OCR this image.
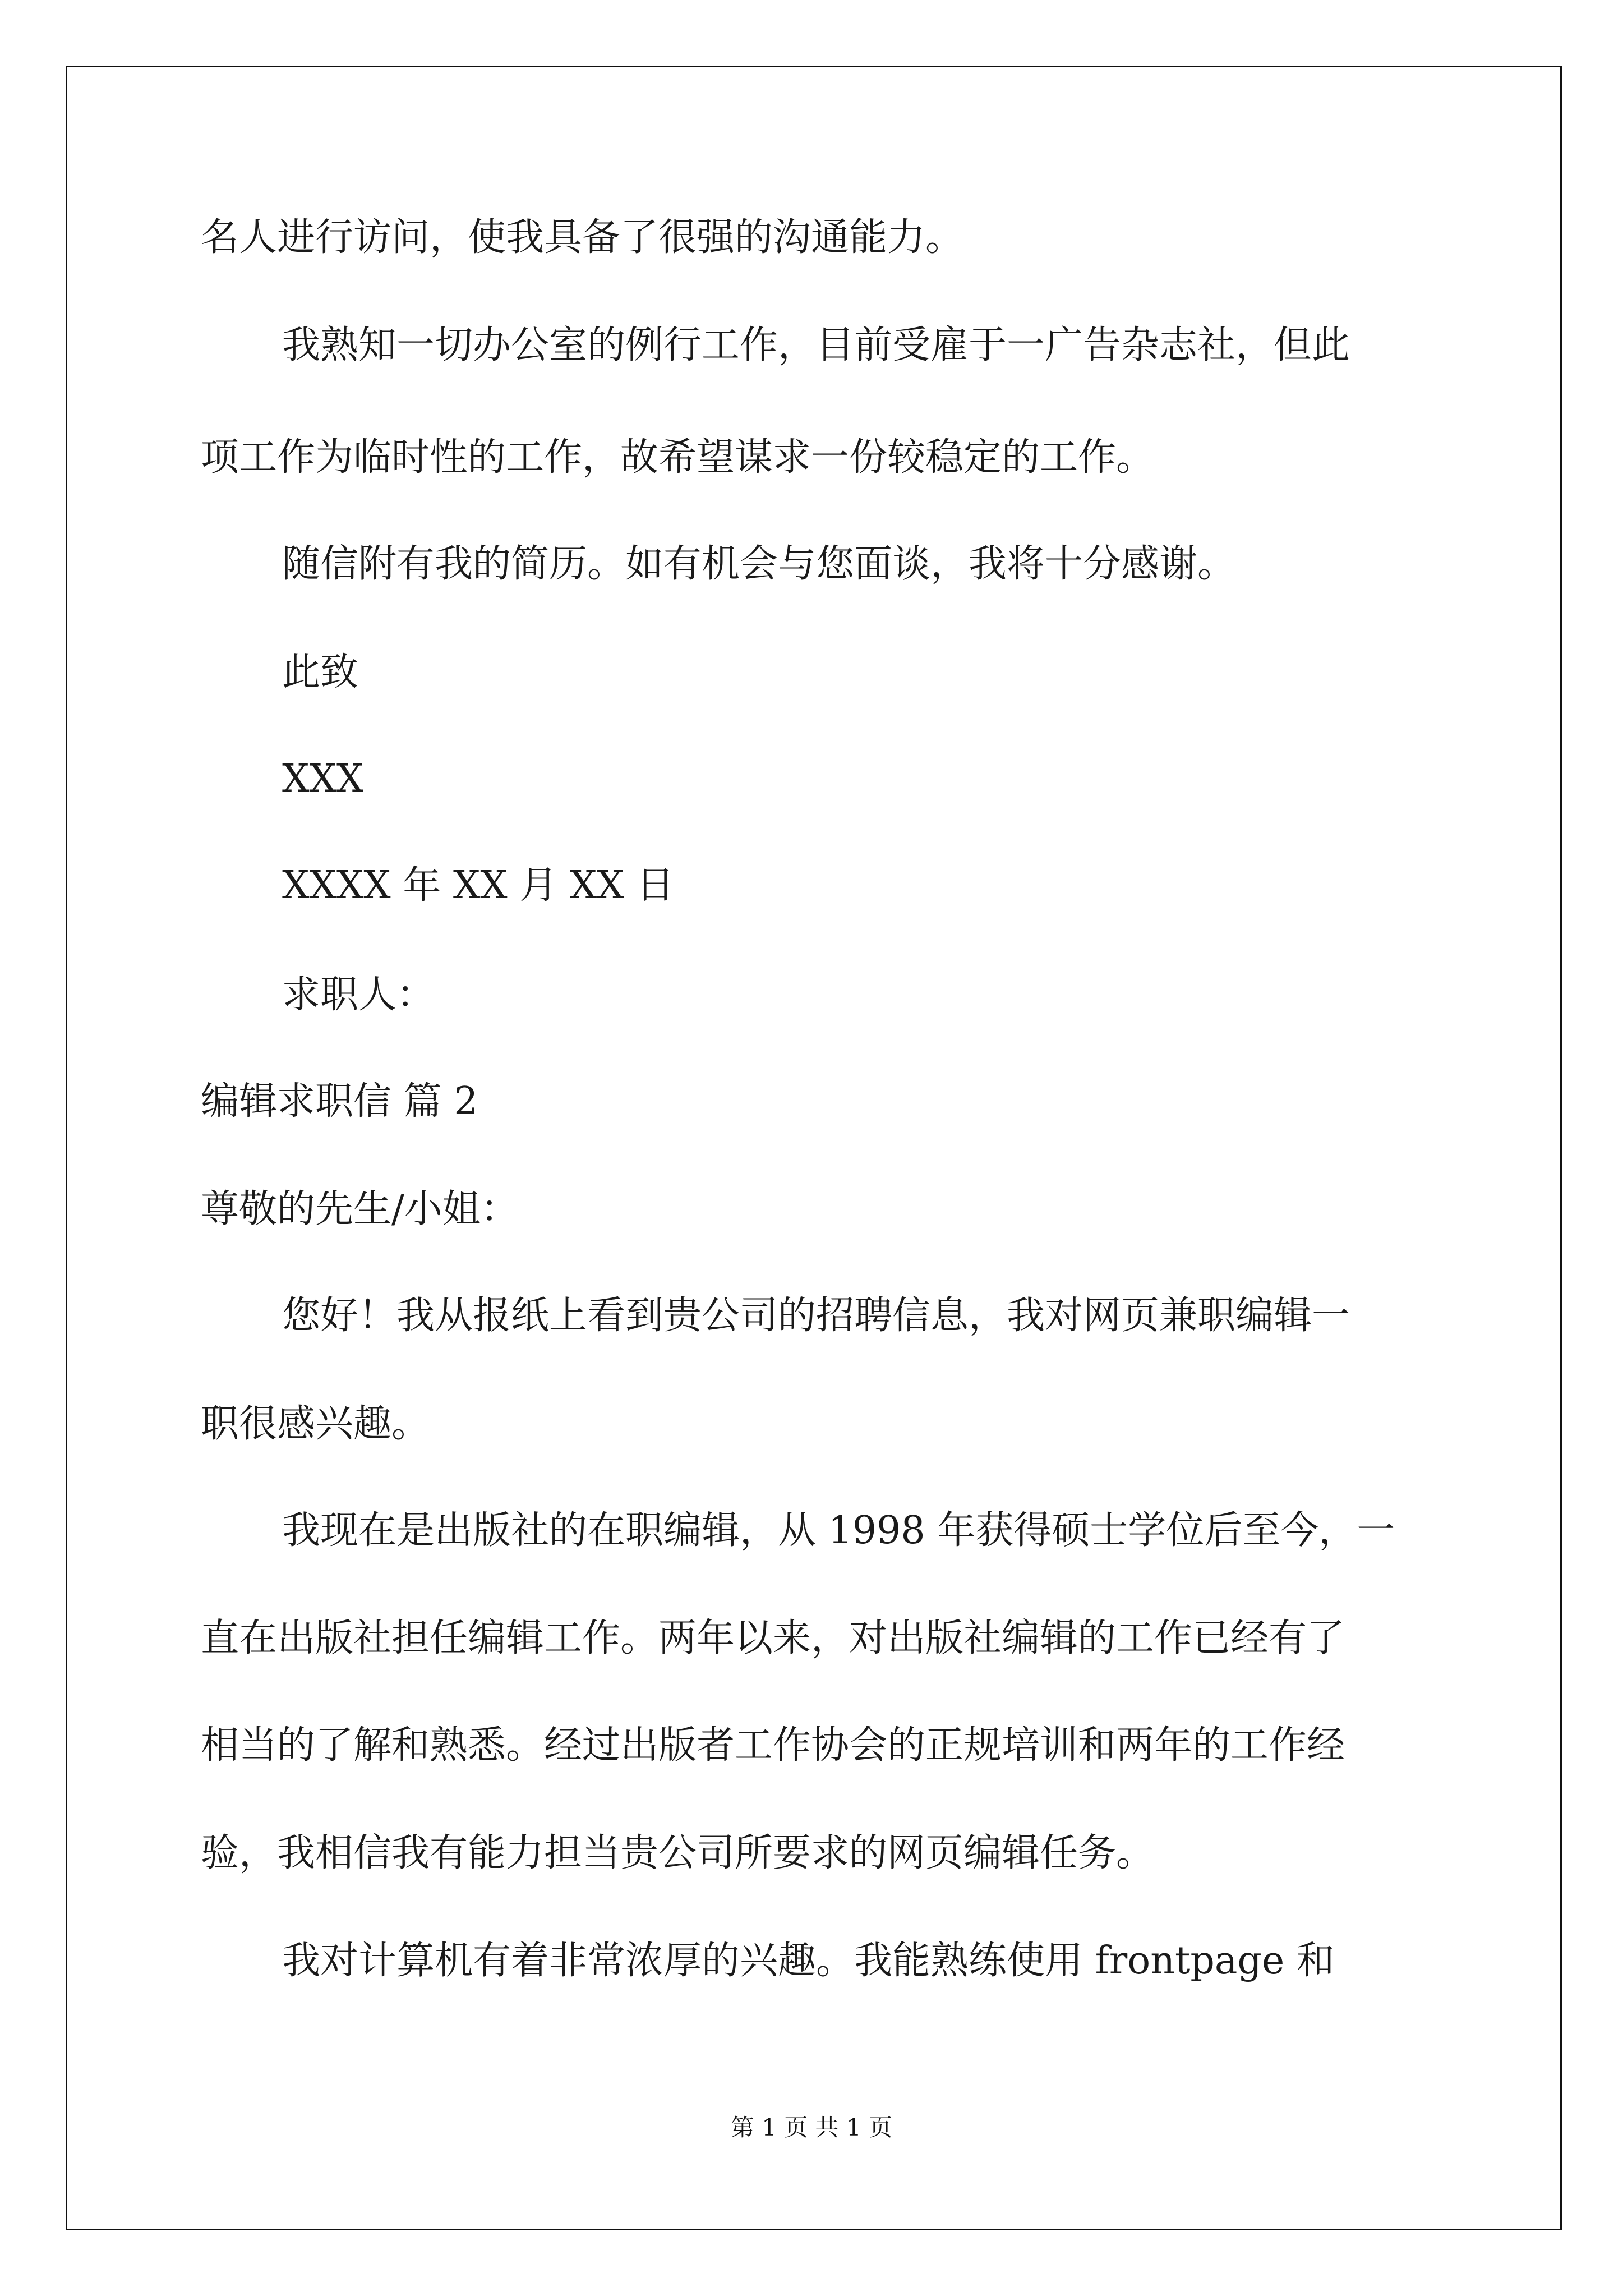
名人进行访问，使我具备了很强的沟通能力。
我熟知一切办公室的例行工作，目前受雇于一广告杂志社，但此
项工作为临时性的工作，故希望谋求一份较稳定的工作。
随信附有我的简历。如有机会与您面谈，我将十分感谢。
此致
XXX
XXXX 年 XX 月 XX 日
求职人：
编辑求职信 篇 2
尊敬的先生/小姐：
您好！我从报纸上看到贵公司的招聘信息，我对网页兼职编辑一
职很感兴趣。
我现在是出版社的在职编辑，从 1998 年获得硕士学位后至今，一
直在出版社担任编辑工作。两年以来，对出版社编辑的工作已经有了
相当的了解和熟悉。经过出版者工作协会的正规培训和两年的工作经
验，我相信我有能力担当贵公司所要求的网页编辑任务。
我对计算机有着非常浓厚的兴趣。我能熟练使用 frontpage 和
第 1 页 共 1 页
